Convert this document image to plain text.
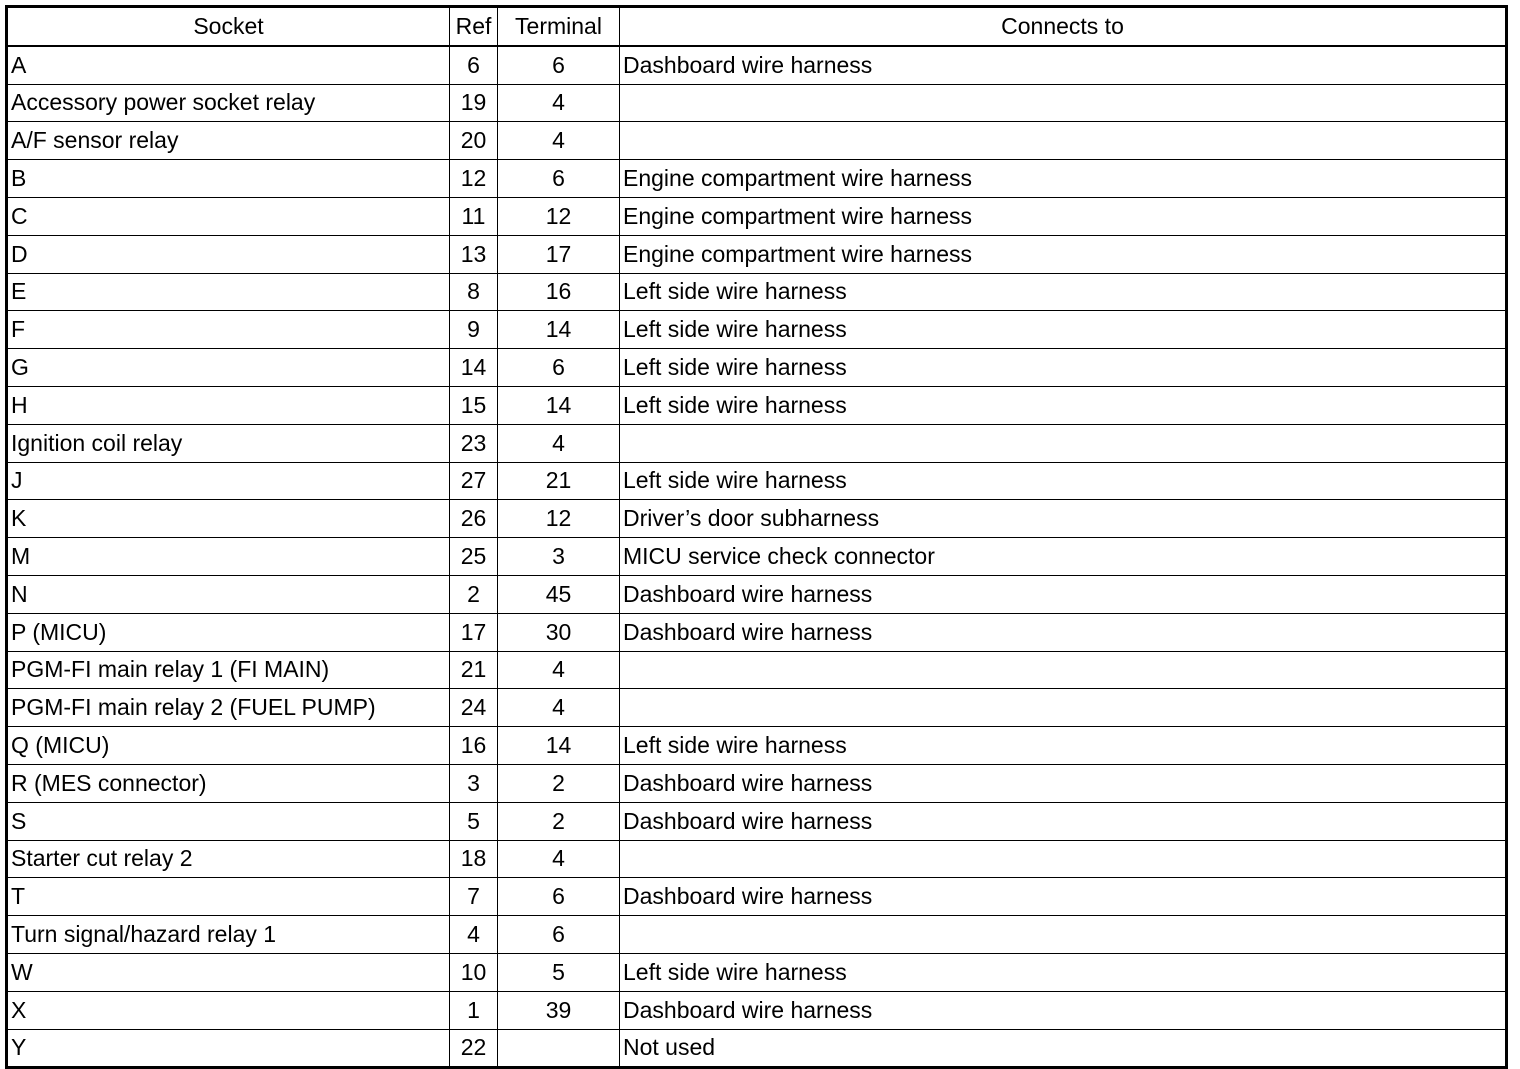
Socket	Ref	Terminal	Connects to
A	6	6	Dashboard wire harness
Accessory power socket relay	19	4	
A/F sensor relay	20	4	
B	12	6	Engine compartment wire harness
C	11	12	Engine compartment wire harness
D	13	17	Engine compartment wire harness
E	8	16	Left side wire harness
F	9	14	Left side wire harness
G	14	6	Left side wire harness
H	15	14	Left side wire harness
Ignition coil relay	23	4	
J	27	21	Left side wire harness
K	26	12	Driver’s door subharness
M	25	3	MICU service check connector
N	2	45	Dashboard wire harness
P (MICU)	17	30	Dashboard wire harness
PGM-FI main relay 1 (FI MAIN)	21	4	
PGM-FI main relay 2 (FUEL PUMP)	24	4	
Q (MICU)	16	14	Left side wire harness
R (MES connector)	3	2	Dashboard wire harness
S	5	2	Dashboard wire harness
Starter cut relay 2	18	4	
T	7	6	Dashboard wire harness
Turn signal/hazard relay 1	4	6	
W	10	5	Left side wire harness
X	1	39	Dashboard wire harness
Y	22		Not used
